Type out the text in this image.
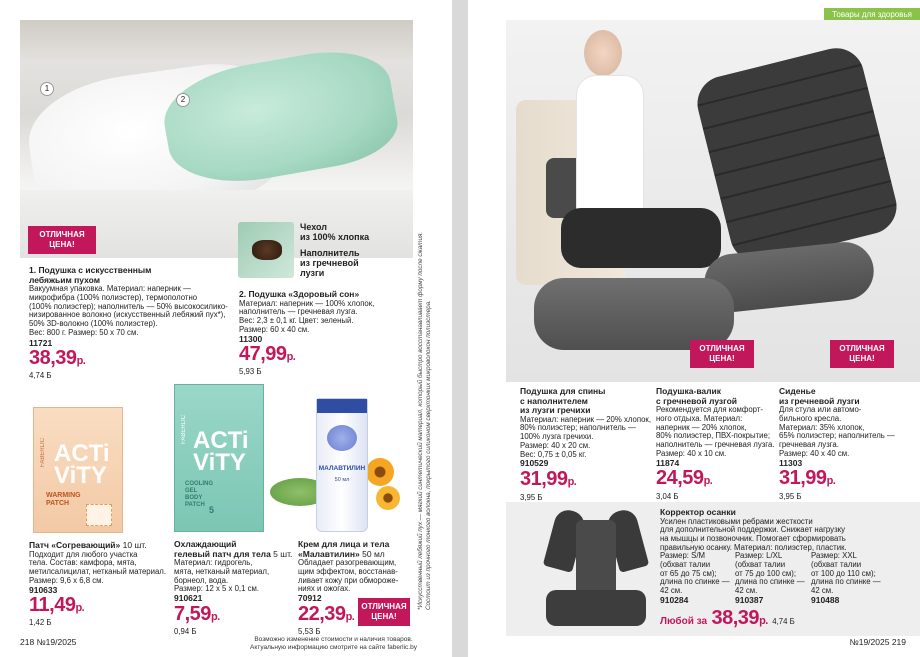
1
2
ОТЛИЧНАЯ
ЦЕНА!
Чехол
из 100% хлопка
Наполнитель
из гречневой
лузги
1. Подушка с искусственным
лебяжьим пухом
Вакуумная упаковка. Материал: наперник —
микрофибра (100% полиэстер), термополотно
(100% полиэстер); наполнитель — 50% высокосилико-
низированное волокно (искусственный лебяжий пух*),
50% 3D-волокно (100% полиэстер).
Вес: 800 г. Размер: 50 x 70 см.
11721
38,39р.
4,74 Б
2. Подушка «Здоровый сон»
Материал: наперник — 100% хлопок,
наполнитель — гречневая лузга.
Вес: 2,3 ± 0,1 кг. Цвет: зеленый.
Размер: 60 x 40 см.
11300
47,99р.
5,93 Б	*Искусственный лебяжий пух — мягкий синтетический материал, который быстро восстанавливает форму после сжатия. Состоит из прочного тонкого волокна, покрытого силиконом сверхтонких микроволокон полиэстера.
FABERLIC ACTi
ViTY
WARMING
PATCH
FABERLIC ACTi
ViTY
COOLING
GEL
BODY
PATCH 5
МАЛАВТИЛИН
50 мл
Патч «Согревающий» 10 шт.
Подходит для любого участка
тела. Состав: камфора, мята,
метилсалицилат, нетканый материал.
Размер: 9,6 x 6,8 см.
910633
11,49р.
1,42 Б
Охлаждающий
гелевый патч для тела 5 шт.
Материал: гидрогель,
мята, нетканый материал,
борнеол, вода.
Размер: 12 x 5 x 0,1 см.
910621
7,59р.
0,94 Б
Крем для лица и тела
«Малавтилин» 50 мл
Обладает разогревающим,
щим эффектом, восстанав-
ливает кожу при обмороже-
ниях и ожогах.
70912
22,39р.
5,53 Б
ОТЛИЧНАЯ
ЦЕНА!
218 №19/2025	Возможно изменение стоимости и наличия товаров.
Актуальную информацию смотрите на сайте faberlic.by
Товары для здоровья
ОТЛИЧНАЯ
ЦЕНА!
ОТЛИЧНАЯ
ЦЕНА!
Подушка для спины
с наполнителем
из лузги гречихи
Материал: наперник — 20% хлопок,
80% полиэстер; наполнитель —
100% лузга гречихи.
Размер: 40 x 20 см.
Вес: 0,75 ± 0,05 кг.
910529
31,99р.
3,95 Б
Подушка-валик
с гречневой лузгой
Рекомендуется для комфорт-
ного отдыха. Материал:
наперник — 20% хлопок,
80% полиэстер, ПВХ-покрытие;
наполнитель — гречневая лузга.
Размер: 40 x 10 см.
11874
24,59р.
3,04 Б
Сиденье
из гречневой лузги
Для стула или автомо-
бильного кресла.
Материал: 35% хлопок,
65% полиэстер; наполнитель —
гречневая лузга.
Размер: 40 x 40 см.
11303
31,99р.
3,95 Б
Корректор осанки
Усилен пластиковыми ребрами жесткости
для дополнительной поддержки. Снижает нагрузку
на мышцы и позвоночник. Помогает сформировать
правильную осанку. Материал: полиэстер, пластик.
Размер: S/M
(обхват талии
от 65 до 75 см);
длина по спинке —
42 см.
910284
Размер: L/XL
(обхват талии
от 75 до 100 см);
длина по спинке —
42 см.
910387
Размер: XXL
(обхват талии
от 100 до 110 см);
длина по спинке —
42 см.
910488
Любой за 38,39р. 4,74 Б
№19/2025 219
